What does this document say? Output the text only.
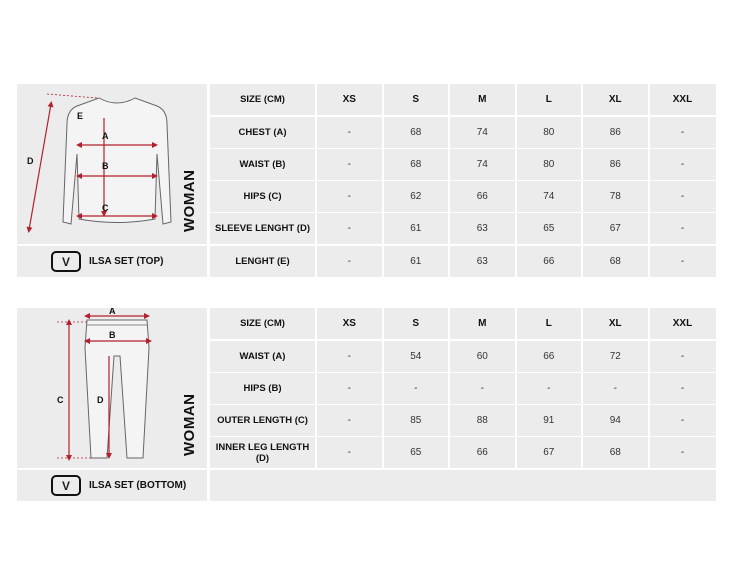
E
A
B
C
D
WOMAN
V	ILSA SET (TOP)
SIZE (CM)	XS	S	M	L	XL	XXL
CHEST (A)	-	68	74	80	86	-
WAIST (B)	-	68	74	80	86	-
HIPS (C)	-	62	66	74	78	-
SLEEVE LENGHT (D)	-	61	63	65	67	-
LENGHT (E)	-	61	63	66	68	-
A
B
C	D	WOMAN
V	ILSA SET (BOTTOM)
SIZE (CM)	XS	S	M	L	XL	XXL
WAIST (A)	-	54	60	66	72	-
HIPS (B)	-	-	-	-	-	-
OUTER LENGTH (C)	-	85	88	91	94	-
INNER LEG LENGTH (D)	-	65	66	67	68	-
